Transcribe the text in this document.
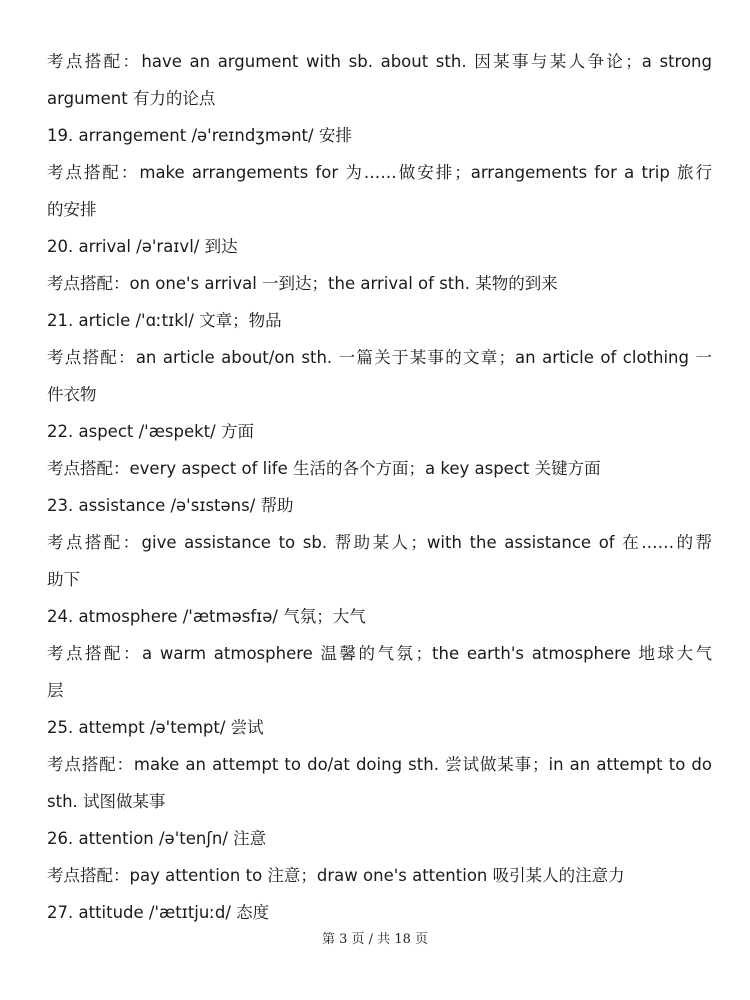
考点搭配：have an argument with sb. about sth. 因某事与某人争论；a strong
argument 有力的论点
19. arrangement /ə'reɪndʒmənt/ 安排
考点搭配：make arrangements for 为……做安排；arrangements for a trip 旅行
的安排
20. arrival /ə'raɪvl/ 到达
考点搭配：on one's arrival 一到达；the arrival of sth. 某物的到来
21. article /'ɑːtɪkl/ 文章；物品
考点搭配：an article about/on sth. 一篇关于某事的文章；an article of clothing 一
件衣物
22. aspect /'æspekt/ 方面
考点搭配：every aspect of life 生活的各个方面；a key aspect 关键方面
23. assistance /ə'sɪstəns/ 帮助
考点搭配：give assistance to sb. 帮助某人；with the assistance of 在……的帮
助下
24. atmosphere /'ætməsfɪə/ 气氛；大气
考点搭配：a warm atmosphere 温馨的气氛；the earth's atmosphere 地球大气
层
25. attempt /ə'tempt/ 尝试
考点搭配：make an attempt to do/at doing sth. 尝试做某事；in an attempt to do
sth. 试图做某事
26. attention /ə'tenʃn/ 注意
考点搭配：pay attention to 注意；draw one's attention 吸引某人的注意力
27. attitude /'ætɪtjuːd/ 态度
第 3 页 / 共 18 页
